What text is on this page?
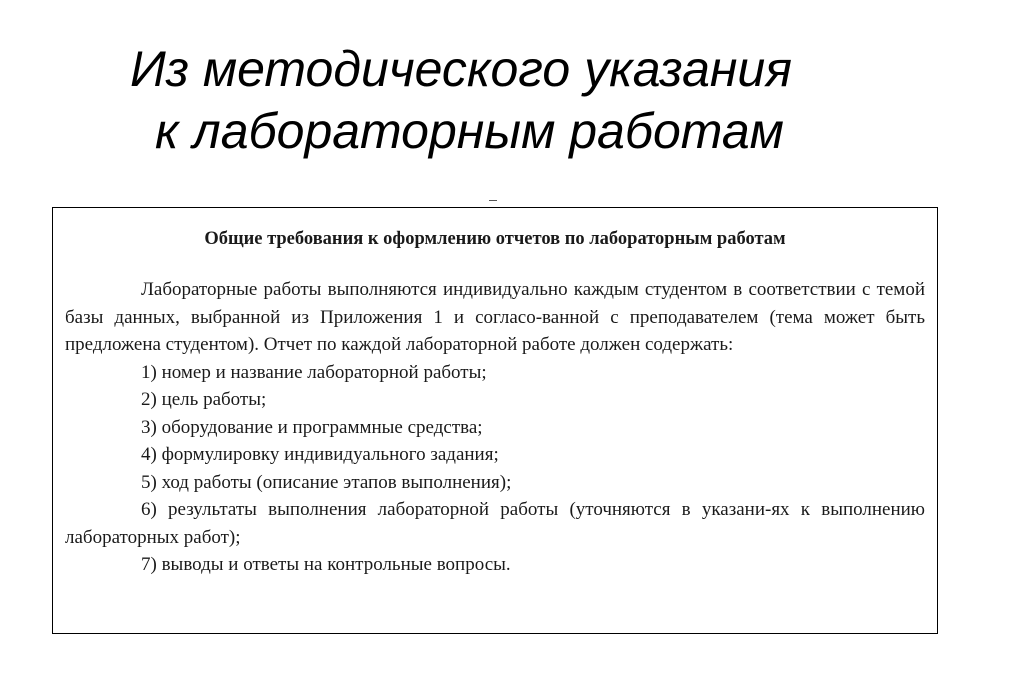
Из методического указания
к лабораторным работам
Общие требования к оформлению отчетов по лабораторным работам

Лабораторные работы выполняются индивидуально каждым студентом в соответствии с темой базы данных, выбранной из Приложения 1 и согласо-ванной с преподавателем (тема может быть предложена студентом). Отчет по каждой лабораторной работе должен содержать:

1) номер и название лабораторной работы;
2) цель работы;
3) оборудование и программные средства;
4) формулировку индивидуального задания;
5) ход работы (описание этапов выполнения);
6) результаты выполнения лабораторной работы (уточняются в указани-ях к выполнению лабораторных работ);
7) выводы и ответы на контрольные вопросы.
